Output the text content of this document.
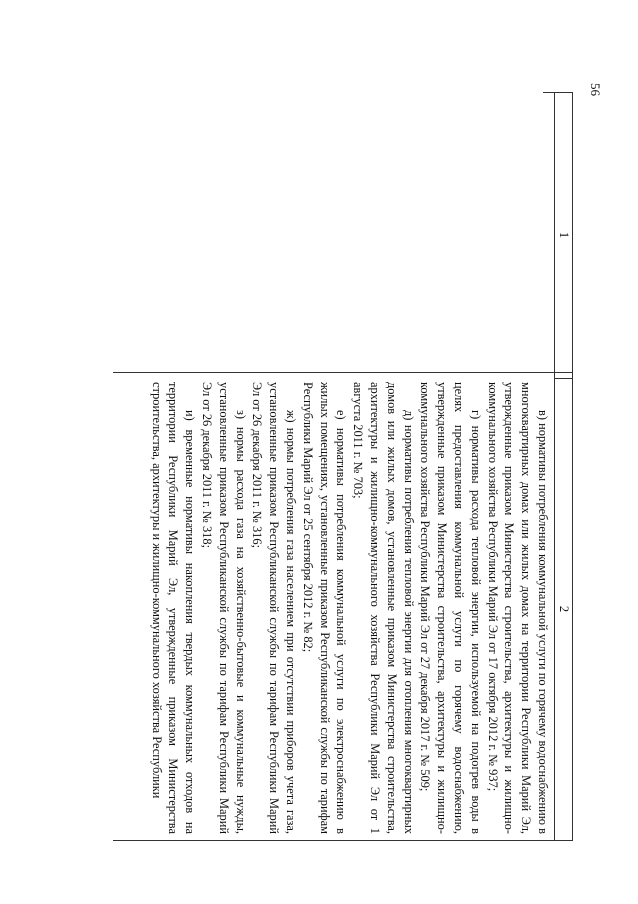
56
1
2

в) нормативы потребления коммунальной услуги по горячему водоснабжению в многоквартирных домах или жилых домах на территории Республики Марий Эл, утвержденные приказом Министерства строительства, архитектуры и жилищно-коммунального хозяйства Республики Марий Эл от 17 октября 2012 г. № 937;

г) нормативы расхода тепловой энергии, используемой на подогрев воды в целях предоставления коммунальной услуги по горячему водоснабжению, утвержденные приказом Министерства строительства, архитектуры и жилищно-коммунального хозяйства Республики Марий Эл от 27 декабря 2017 г. № 509;

д) нормативы потребления тепловой энергии для отопления многоквартирных домов или жилых домов, установленные приказом Министерства строительства, архитектуры и жилищно-коммунального хозяйства Республики Марий Эл от 1 августа 2011 г. № 703;

е) нормативы потребления коммунальной услуги по электроснабжению в жилых помещениях, установленные приказом Республиканской службы по тарифам Республики Марий Эл от 25 сентября 2012 г. № 82;

ж) нормы потребления газа населением при отсутствии приборов учета газа, установленные приказом Республиканской службы по тарифам Республики Марий Эл от 26 декабря 2011 г. № 316;

з) нормы расхода газа на хозяйственно-бытовые и коммунальные нужды, установленные приказом Республиканской службы по тарифам Республики Марий Эл от 26 декабря 2011 г. № 318;

и) временные нормативы накопления твердых коммунальных отходов на территории Республики Марий Эл, утвержденные приказом Министерства строительства, архитектуры и жилищно-коммунального хозяйства Республики
